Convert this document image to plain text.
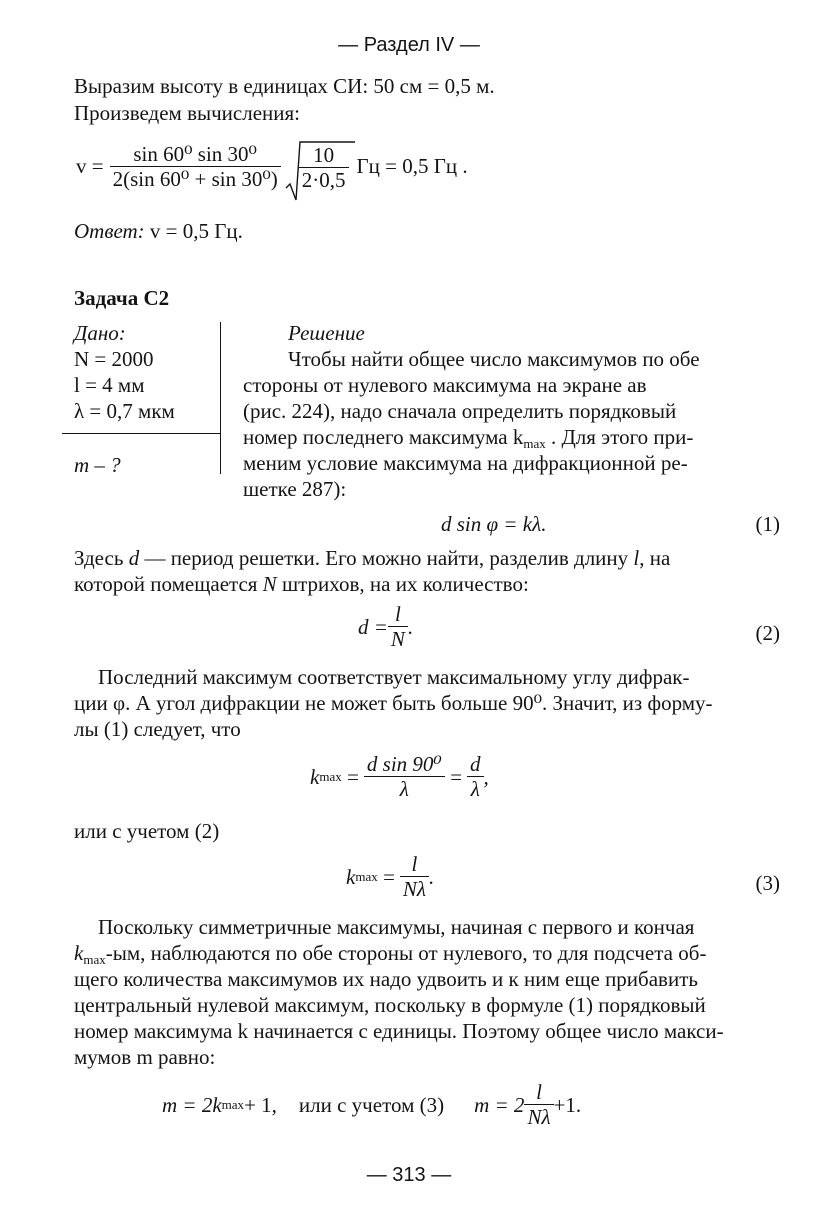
— Раздел IV —
Выразим высоту в единицах СИ: 50 см = 0,5 м.
Произведем вычисления:
$v = \frac{\text{sin 60⁰ sin 30⁰}}{\text{2(sin 60⁰ + sin 30⁰)}} \frac{10}{2\cdot 0,5}$ Гц = 0,5 Гц .
Ответ: v = 0,5 Гц.
Задача С2
Дано:
N = 2000
l = 4 мм
λ = 0,7 мкм
m – ?
Решение
Чтобы найти общее число максимумов по обе
стороны от нулевого максимума на экране ав
(рис. 224), надо сначала определить порядковый
номер последнего максимума $k_{max}$ . Для этого при-
меним условие максимума на дифракционной ре-
шетке 287):
d sin φ = kλ.	(1)
Здесь d — период решетки. Его можно найти, разделив длину l, на
которой помещается N штрихов, на их количество:
$d = \frac{l}{N}$ .	(2)
Последний максимум соответствует максимальному углу дифрак-
ции φ. А угол дифракции не может быть больше 90⁰. Значит, из форму-
лы (1) следует, что
k $\max = \frac{\text{d sin 90⁰}}{\lambda} = \frac{d}{\lambda}$ ,
или с учетом (2)
k $\max = \frac{l}{N\lambda}$ .	(3)
Поскольку симметричные максимумы, начиная с первого и кончая
$k_{max}-ым$, наблюдаются по обе стороны от нулевого, то для подсчета об-
щего количества максимумов их надо удвоить и к ним еще прибавить
центральный нулевой максимум, поскольку в формуле (1) порядковый
номер максимума k начинается с единицы. Поэтому общее число макси-
мумов m равно:
m = 2k max + 1, или с учетом (3) $m = 2 \frac{l}{N\lambda} +1$.
— 313 —
